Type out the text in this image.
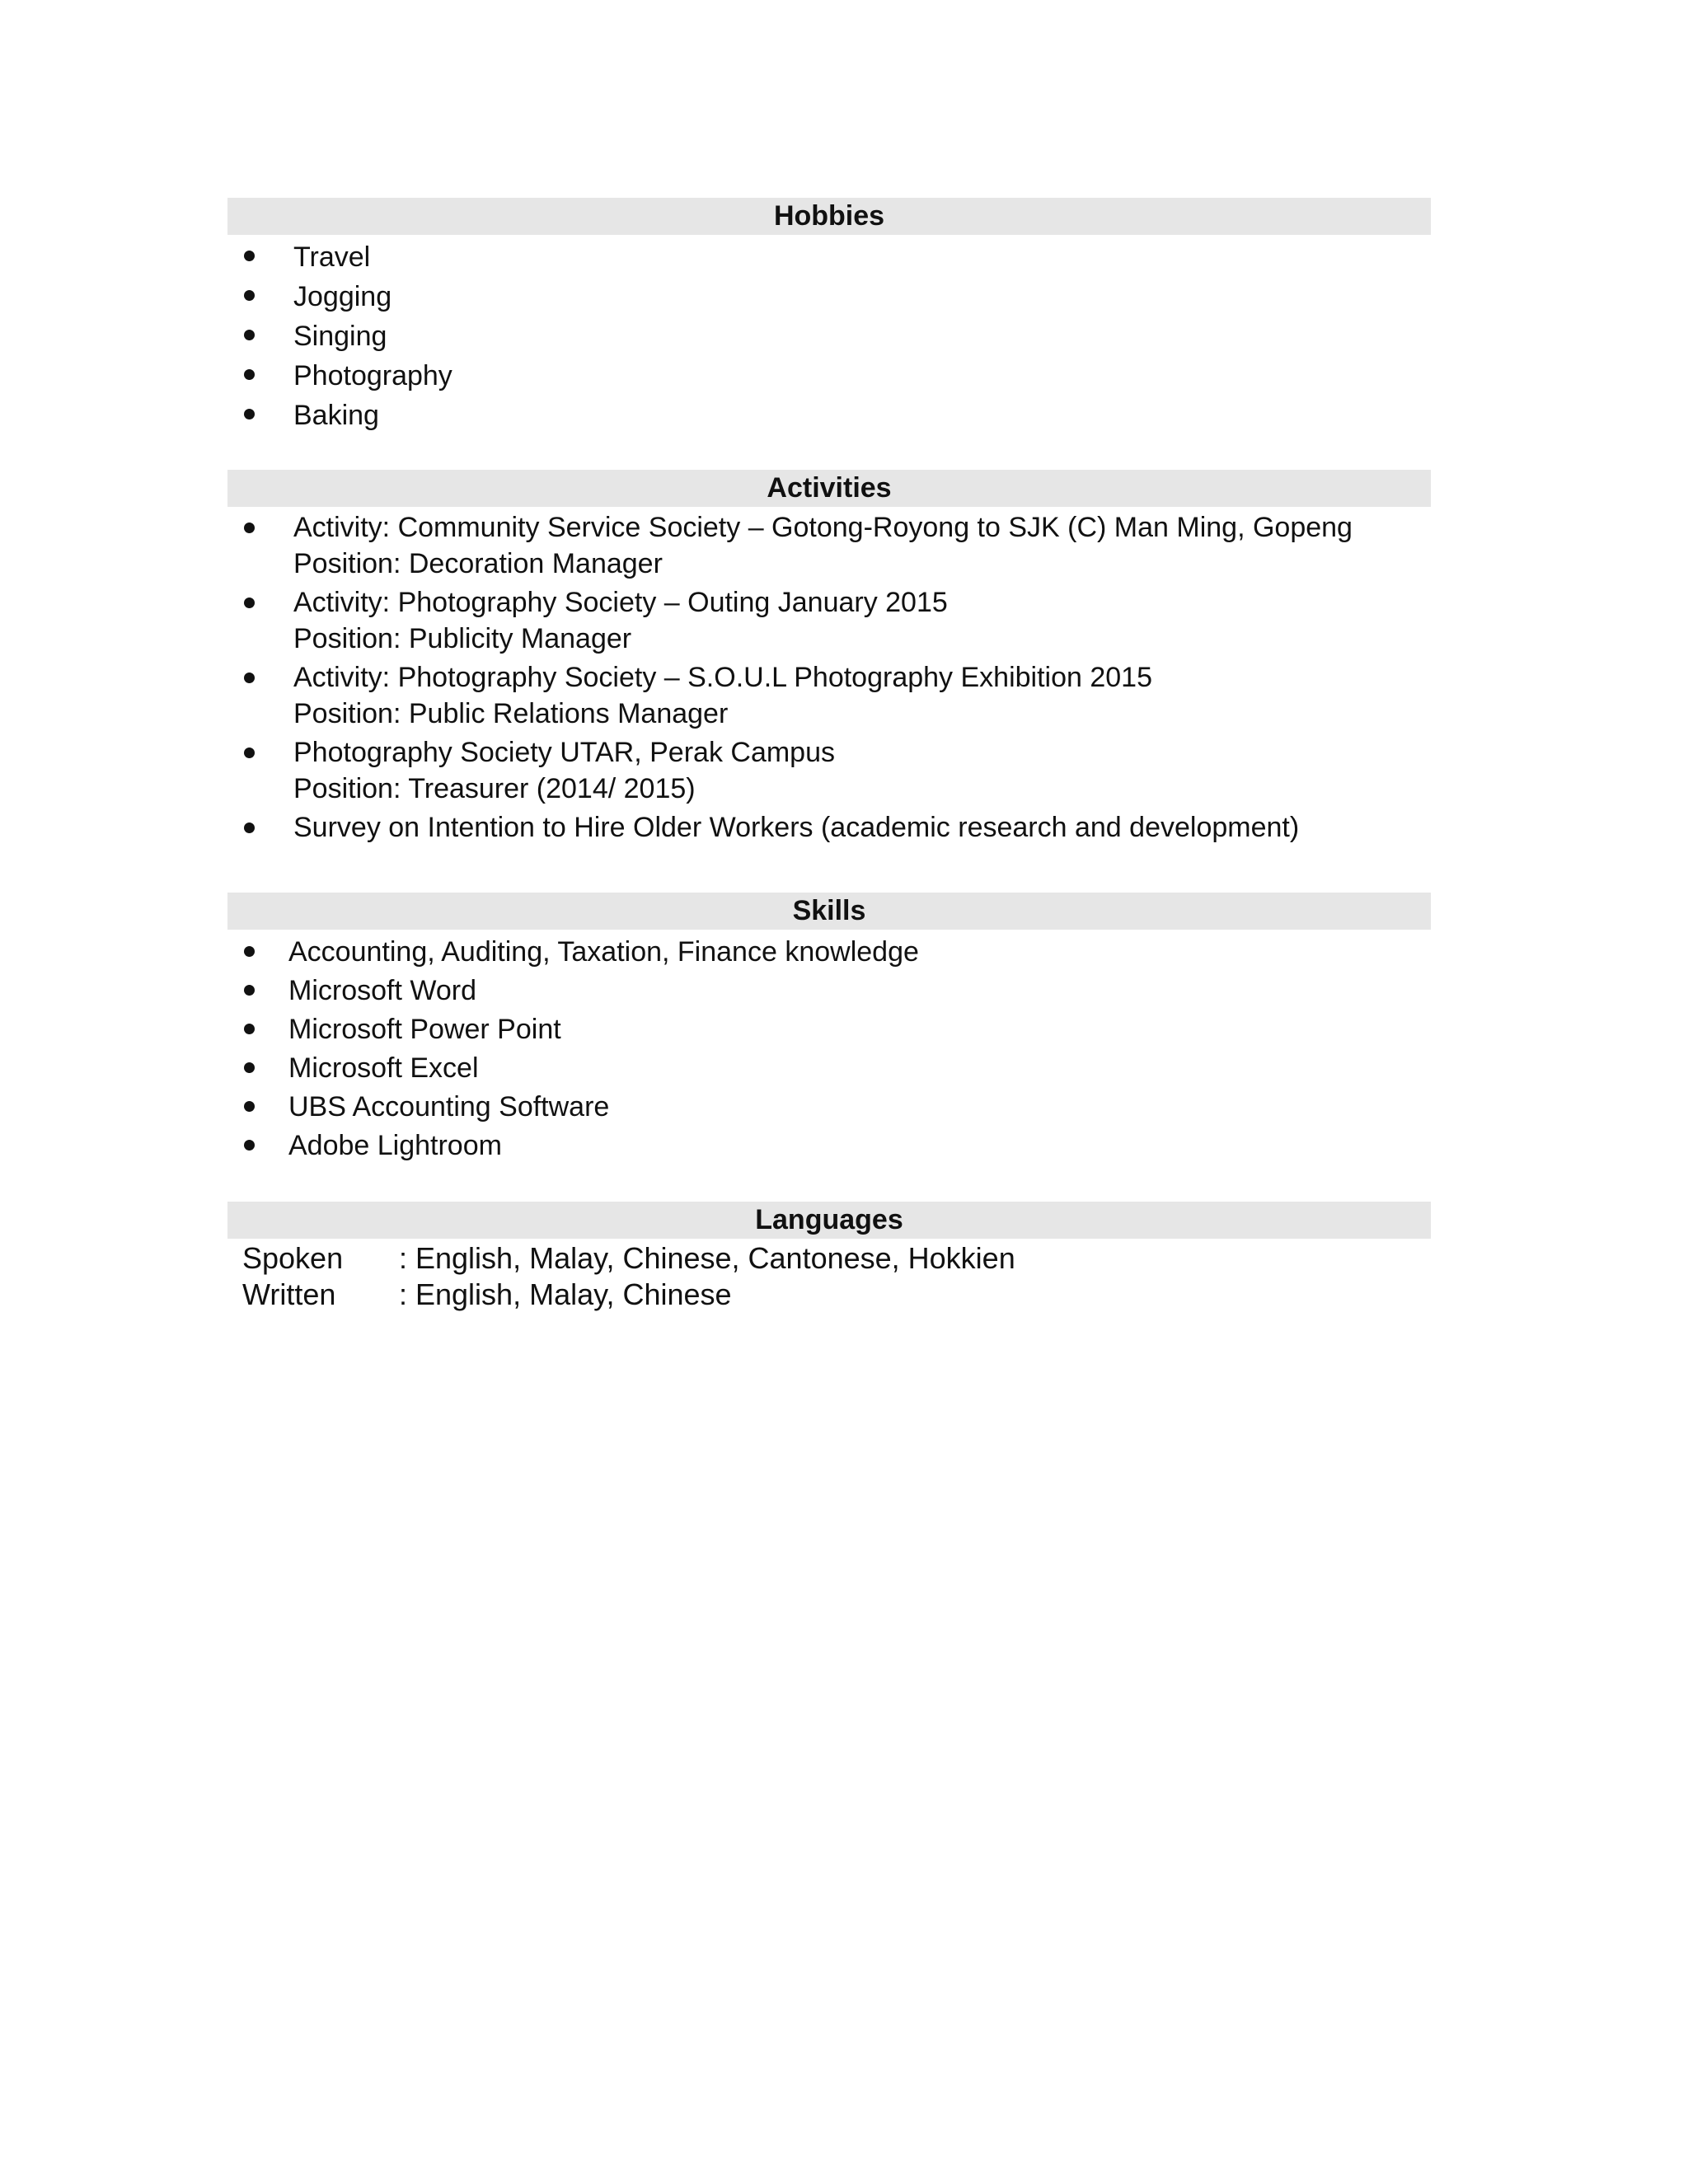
Hobbies
Travel
Jogging
Singing
Photography
Baking
Activities
Activity: Community Service Society – Gotong-Royong to SJK (C) Man Ming, Gopeng
Position: Decoration Manager
Activity: Photography Society – Outing January 2015
Position: Publicity Manager
Activity: Photography Society – S.O.U.L Photography Exhibition 2015
Position: Public Relations Manager
Photography Society UTAR, Perak Campus
Position: Treasurer (2014/ 2015)
Survey on Intention to Hire Older Workers (academic research and development)
Skills
Accounting, Auditing, Taxation, Finance knowledge
Microsoft Word
Microsoft Power Point
Microsoft Excel
UBS Accounting Software
Adobe Lightroom
Languages
Spoken : English, Malay, Chinese, Cantonese, Hokkien
Written : English, Malay, Chinese
